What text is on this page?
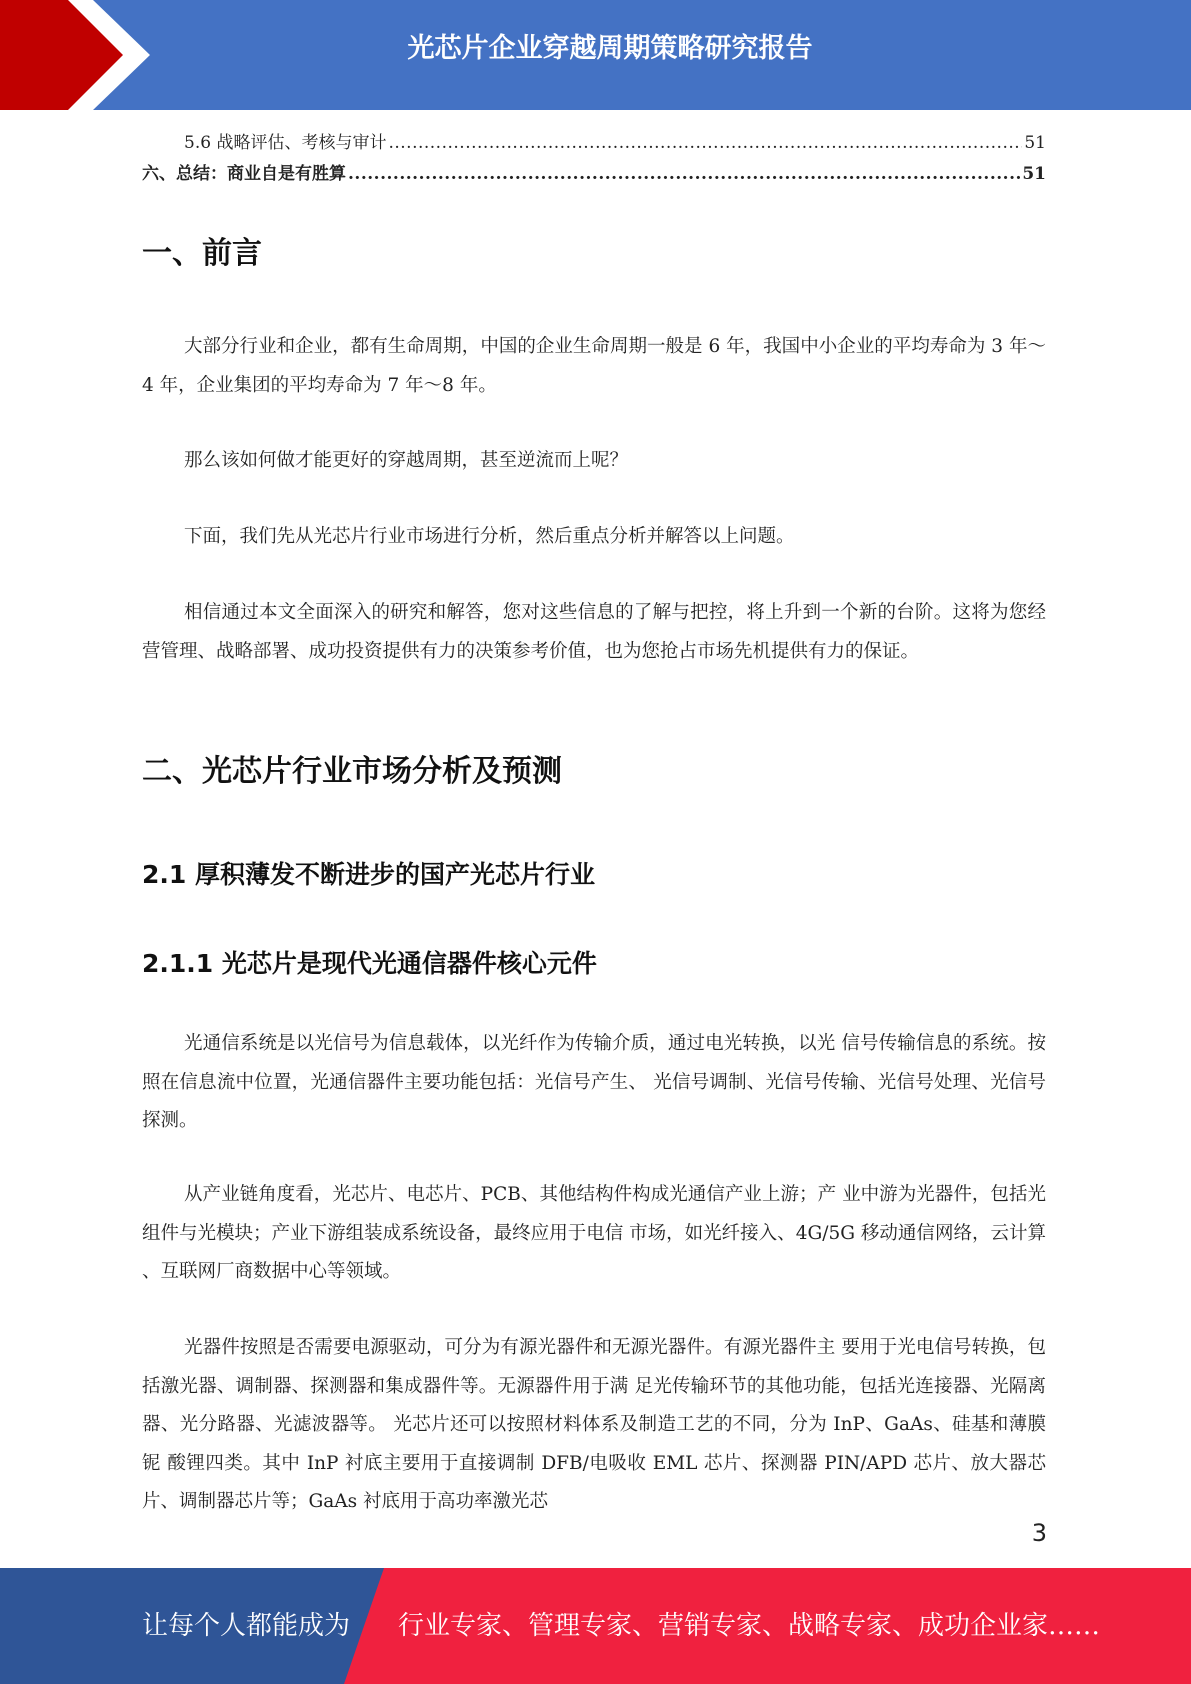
光芯片企业穿越周期策略研究报告
5.6 战略评估、考核与审计 .....	51
六、总结：商业自是有胜算 .....	51
一、前言

大部分行业和企业，都有生命周期，中国的企业生命周期一般是 6 年，我国中小企业的平均寿命为 3 年～4 年，企业集团的平均寿命为 7 年～8 年。

那么该如何做才能更好的穿越周期，甚至逆流而上呢？

下面，我们先从光芯片行业市场进行分析，然后重点分析并解答以上问题。

相信通过本文全面深入的研究和解答，您对这些信息的了解与把控，将上升到一个新的台阶。这将为您经营管理、战略部署、成功投资提供有力的决策参考价值，也为您抢占市场先机提供有力的保证。

二、光芯片行业市场分析及预测
2.1 厚积薄发不断进步的国产光芯片行业
2.1.1 光芯片是现代光通信器件核心元件

光通信系统是以光信号为信息载体，以光纤作为传输介质，通过电光转换，以光 信号传输信息的系统。按照在信息流中位置，光通信器件主要功能包括：光信号产生、 光信号调制、光信号传输、光信号处理、光信号探测。

从产业链角度看，光芯片、电芯片、PCB、其他结构件构成光通信产业上游；产 业中游为光器件，包括光组件与光模块；产业下游组装成系统设备，最终应用于电信 市场，如光纤接入、4G/5G 移动通信网络，云计算 、互联网厂商数据中心等领域。

光器件按照是否需要电源驱动，可分为有源光器件和无源光器件。有源光器件主 要用于光电信号转换，包括激光器、调制器、探测器和集成器件等。无源器件用于满 足光传输环节的其他功能，包括光连接器、光隔离器、光分路器、光滤波器等。 光芯片还可以按照材料体系及制造工艺的不同，分为 InP、GaAs、硅基和薄膜铌 酸锂四类。其中 InP 衬底主要用于直接调制 DFB/电吸收 EML 芯片、探测器 PIN/APD 芯片、放大器芯片、调制器芯片等；GaAs 衬底用于高功率激光芯

3
让每个人都能成为 行业专家、管理专家、营销专家、战略专家、成功企业家……
